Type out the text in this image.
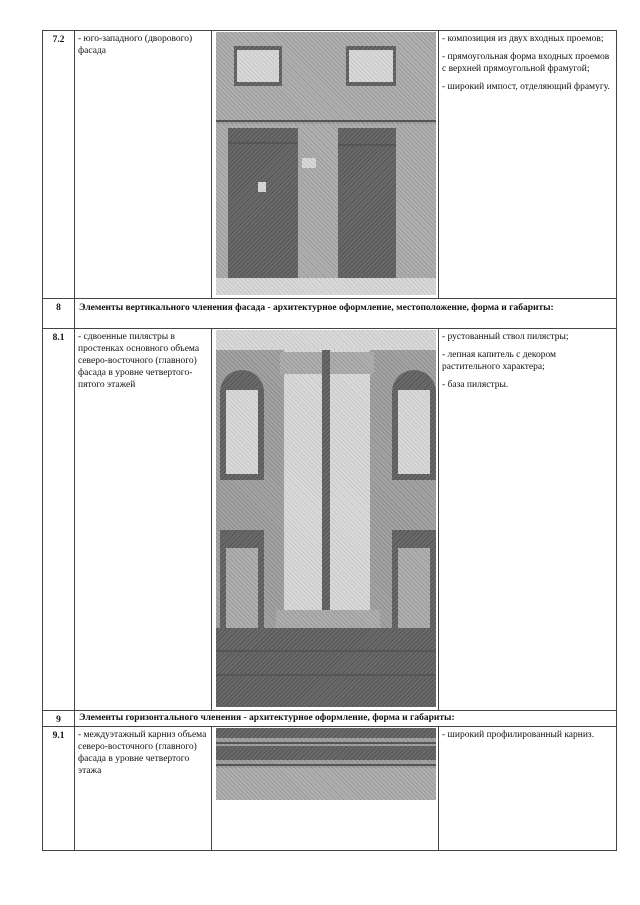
7.2	- юго-западного (дворового) фасада		- композиция из двух входных проемов;

- прямоугольная форма входных проемов с верхней прямоугольной фрамугой;

- широкий импост, отделяющий фрамугу.

8	Элементы вертикального членения фасада - архитектурное оформление, местоположение, форма и габариты:		
8.1	- сдвоенные пилястры в простенках основного объема северо-восточного (главного) фасада в уровне четвертого-пятого этажей		- рустованный ствол пилястры;

- лепная капитель с декором растительного характера;

- база пилястры.

9	Элементы горизонтального членения - архитектурное оформление, форма и габариты:		
9.1	- междуэтажный карниз объема северо-восточного (главного) фасада в уровне четвертого этажа		- широкий профилированный карниз.
